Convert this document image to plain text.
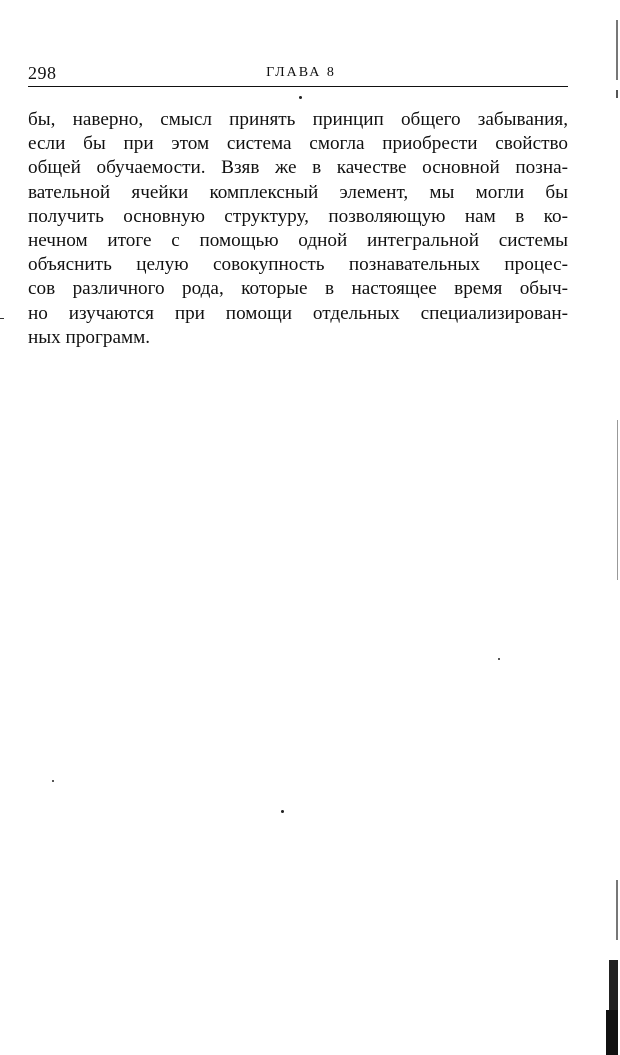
298	ГЛАВА 8
бы, наверно, смысл принять принцип общего забывания,
если бы при этом система смогла приобрести свойство
общей обучаемости. Взяв же в качестве основной позна-
вательной ячейки комплексный элемент, мы могли бы
получить основную структуру, позволяющую нам в ко-
нечном итоге с помощью одной интегральной системы
объяснить целую совокупность познавательных процес-
сов различного рода, которые в настоящее время обыч-
но изучаются при помощи отдельных специализирован-
ных программ.
